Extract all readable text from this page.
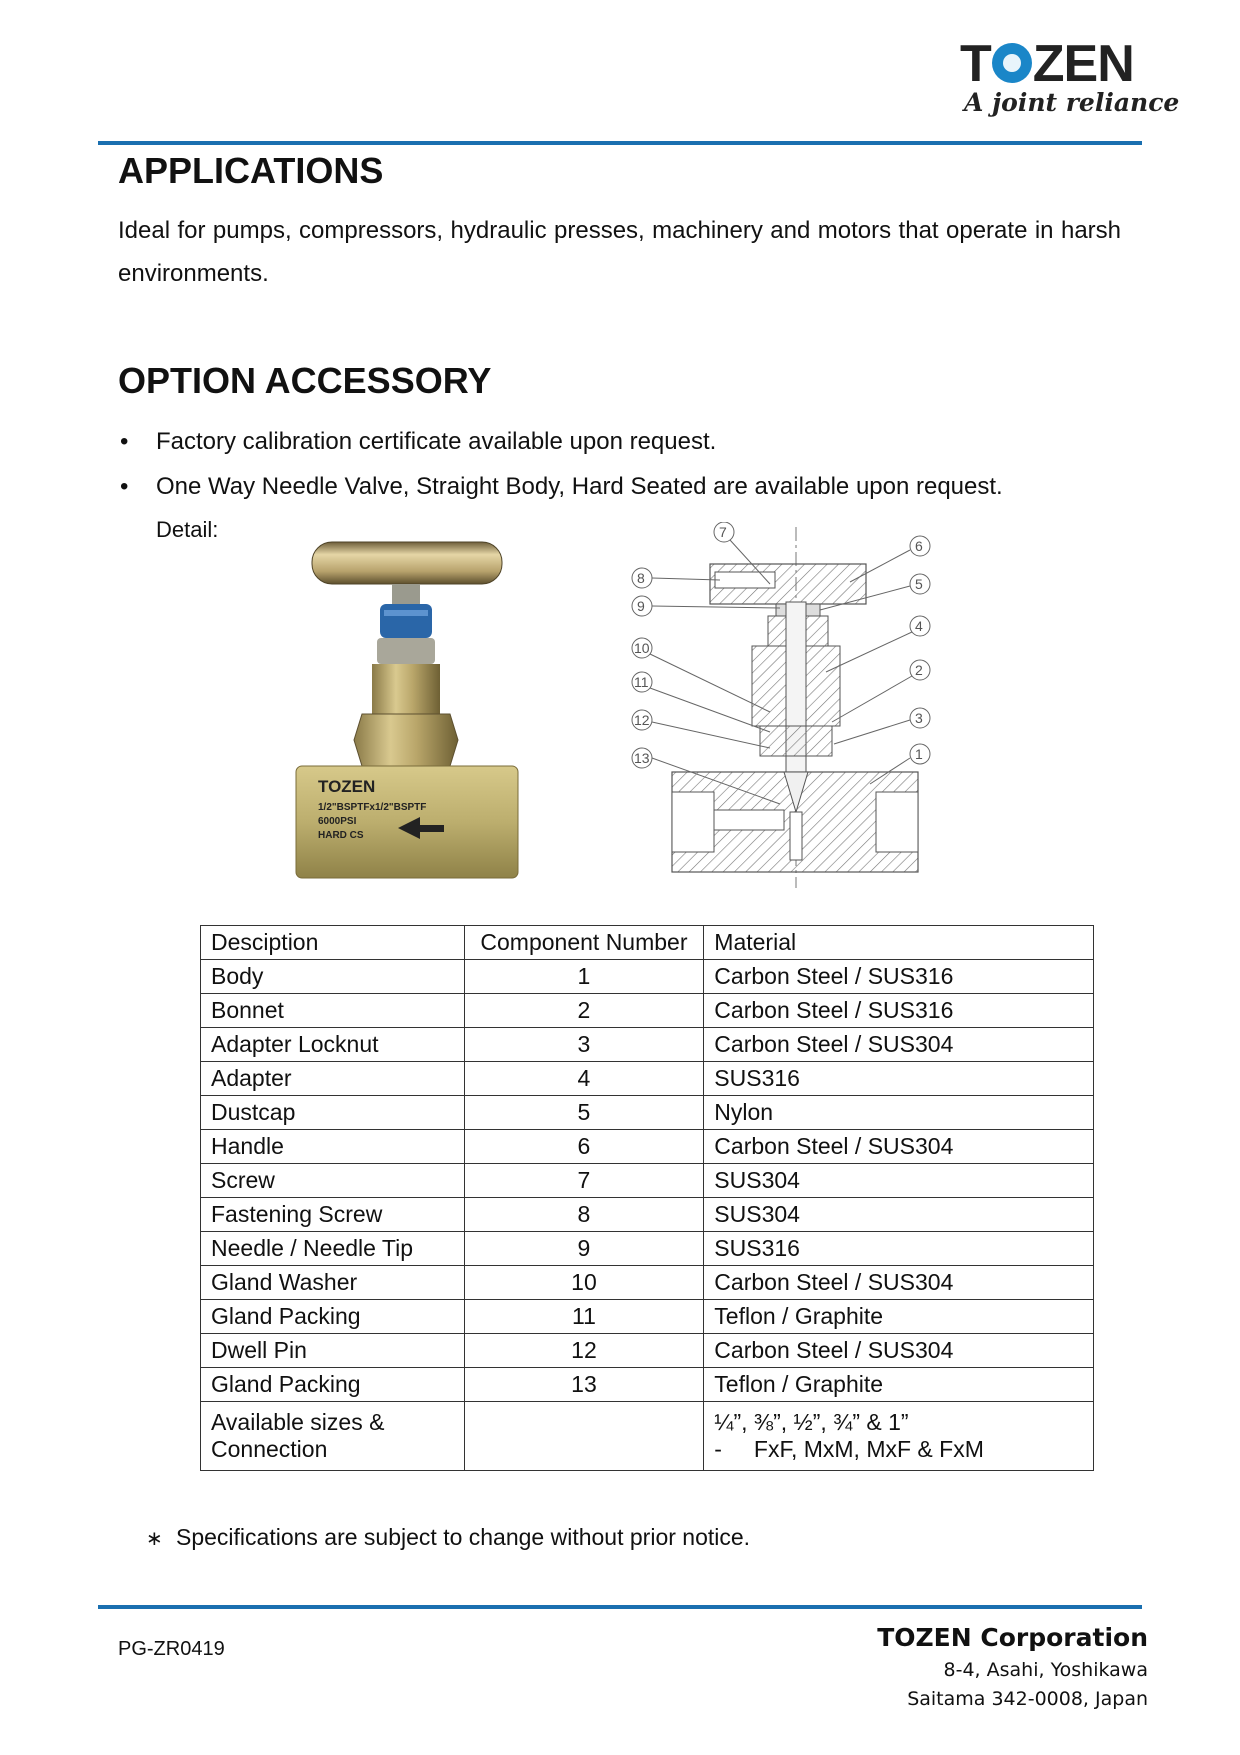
T ZEN
A joint reliance
APPLICATIONS

Ideal for pumps, compressors, hydraulic presses, machinery and motors that operate in harsh environments.

OPTION ACCESSORY
• Factory calibration certificate available upon request.
• One Way Needle Valve, Straight Body, Hard Seated are available upon request.
Detail:
TOZEN
1/2"BSPTFx1/2"BSPTF
6000PSI
HARD CS
7
8
9
10
11
12
13
6
5
4
2
3
1
Desciption	Component Number	Material
Body	1	Carbon Steel / SUS316
Bonnet	2	Carbon Steel / SUS316
Adapter Locknut	3	Carbon Steel / SUS304
Adapter	4	SUS316
Dustcap	5	Nylon
Handle	6	Carbon Steel / SUS304
Screw	7	SUS304
Fastening Screw	8	SUS304
Needle / Needle Tip	9	SUS316
Gland Washer	10	Carbon Steel / SUS304
Gland Packing	11	Teflon / Graphite
Dwell Pin	12	Carbon Steel / SUS304
Gland Packing	13	Teflon / Graphite
Available sizes &
Connection		¼”, ⅜”, ½”, ¾” & 1”
-     FxF, MxM, MxF & FxM
∗ Specifications are subject to change without prior notice.
PG-ZR0419	TOZEN Corporation
8-4, Asahi, Yoshikawa
Saitama 342-0008, Japan
